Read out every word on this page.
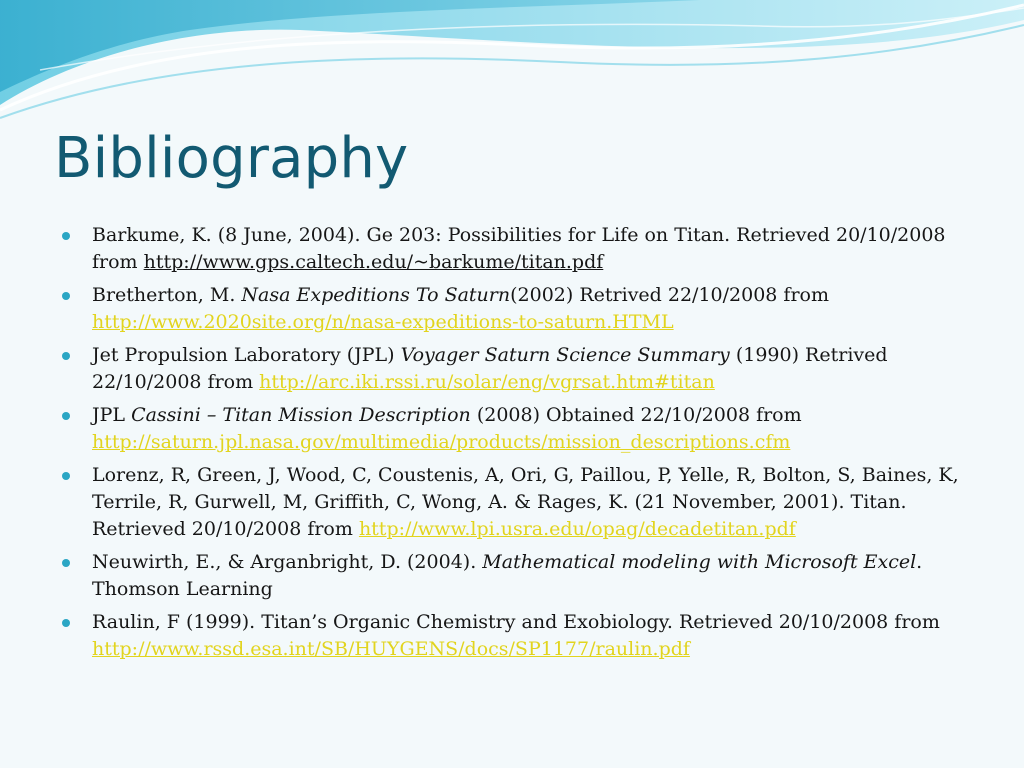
Bibliography
Barkume, K. (8 June, 2004). Ge 203: Possibilities for Life on Titan. Retrieved 20/10/2008 from http://www.gps.caltech.edu/~barkume/titan.pdf
Bretherton, M. Nasa Expeditions To Saturn(2002) Retrived 22/10/2008 from http://www.2020site.org/n/nasa-expeditions-to-saturn.HTML
Jet Propulsion Laboratory (JPL) Voyager Saturn Science Summary (1990) Retrived 22/10/2008 from http://arc.iki.rssi.ru/solar/eng/vgrsat.htm#titan
JPL Cassini – Titan Mission Description (2008) Obtained 22/10/2008 from http://saturn.jpl.nasa.gov/multimedia/products/mission_descriptions.cfm
Lorenz, R, Green, J, Wood, C, Coustenis, A, Ori, G, Paillou, P, Yelle, R, Bolton, S, Baines, K, Terrile, R, Gurwell, M, Griffith, C, Wong, A. & Rages, K. (21 November, 2001). Titan. Retrieved 20/10/2008 from http://www.lpi.usra.edu/opag/decadetitan.pdf
Neuwirth, E., & Arganbright, D. (2004). Mathematical modeling with Microsoft Excel. Thomson Learning
Raulin, F (1999). Titan’s Organic Chemistry and Exobiology. Retrieved 20/10/2008 from http://www.rssd.esa.int/SB/HUYGENS/docs/SP1177/raulin.pdf
